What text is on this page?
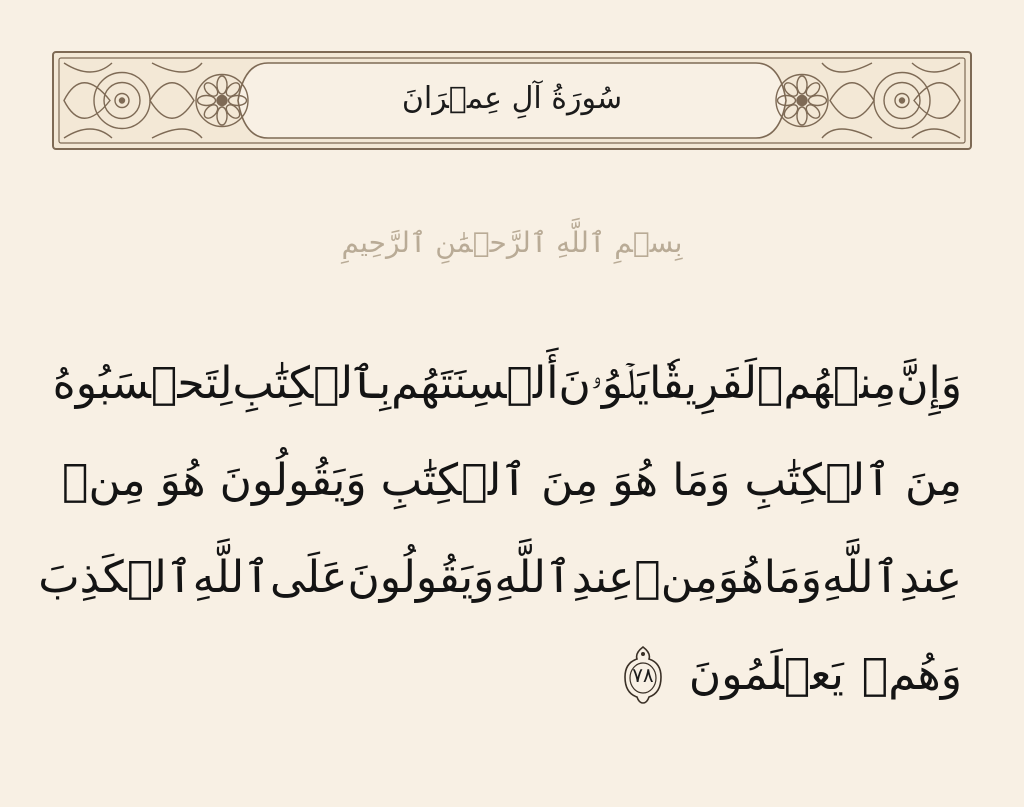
سُورَةُ آلِ عِمۡرَانَ
بِسۡمِ ٱللَّهِ ٱلرَّحۡمَٰنِ ٱلرَّحِيمِ
وَإِنَّ
مِنۡهُمۡ
لَفَرِيقٗا
يَلۡوُۥنَ
أَلۡسِنَتَهُم
بِٱلۡكِتَٰبِ
لِتَحۡسَبُوهُ
مِنَ
ٱلۡكِتَٰبِ
وَمَا
هُوَ
مِنَ
ٱلۡكِتَٰبِ
وَيَقُولُونَ
هُوَ
مِنۡ
عِندِ
ٱللَّهِ
وَمَا
هُوَ
مِنۡ
عِندِ
ٱللَّهِ
وَيَقُولُونَ
عَلَى
ٱللَّهِ
ٱلۡكَذِبَ
وَهُمۡ
يَعۡلَمُونَ
٧٨
